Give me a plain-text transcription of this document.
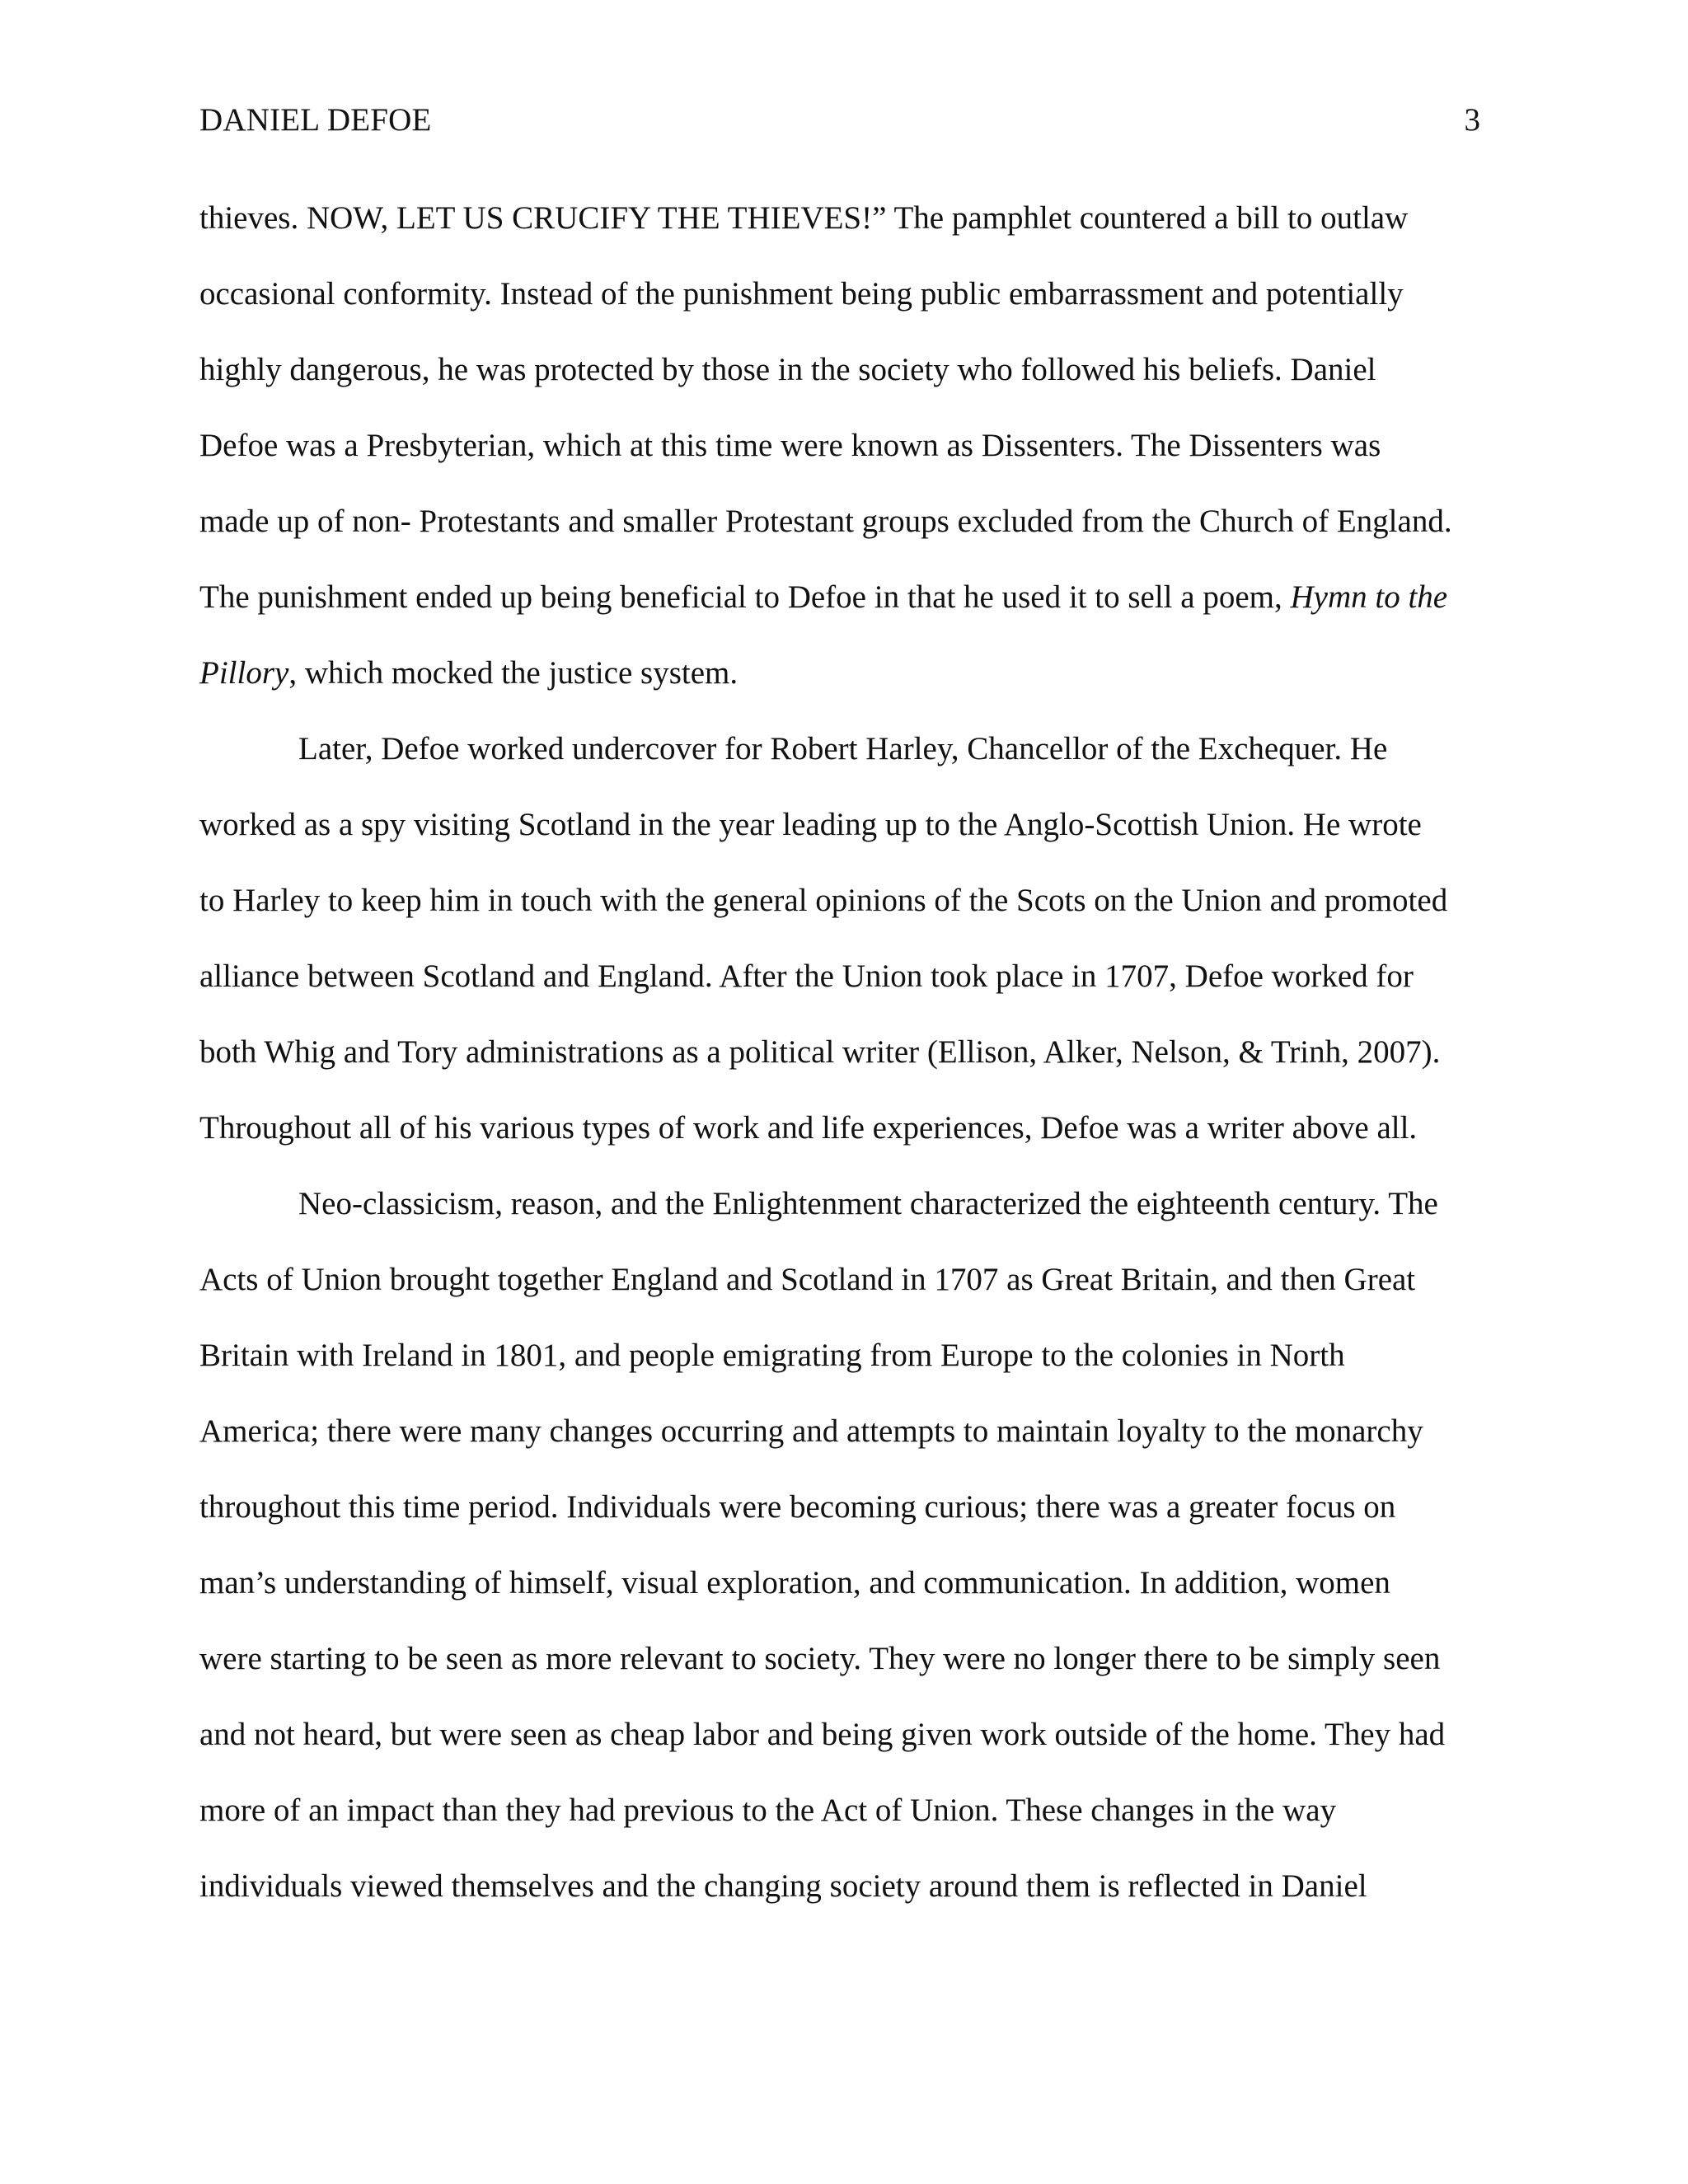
DANIEL DEFOE	3
thieves. NOW, LET US CRUCIFY THE THIEVES!” The pamphlet countered a bill to outlaw
occasional conformity. Instead of the punishment being public embarrassment and potentially
highly dangerous, he was protected by those in the society who followed his beliefs. Daniel
Defoe was a Presbyterian, which at this time were known as Dissenters. The Dissenters was
made up of non- Protestants and smaller Protestant groups excluded from the Church of England.
The punishment ended up being beneficial to Defoe in that he used it to sell a poem, Hymn to the
Pillory, which mocked the justice system.
Later, Defoe worked undercover for Robert Harley, Chancellor of the Exchequer. He
worked as a spy visiting Scotland in the year leading up to the Anglo-Scottish Union. He wrote
to Harley to keep him in touch with the general opinions of the Scots on the Union and promoted
alliance between Scotland and England. After the Union took place in 1707, Defoe worked for
both Whig and Tory administrations as a political writer (Ellison, Alker, Nelson, & Trinh, 2007).
Throughout all of his various types of work and life experiences, Defoe was a writer above all.
Neo-classicism, reason, and the Enlightenment characterized the eighteenth century. The
Acts of Union brought together England and Scotland in 1707 as Great Britain, and then Great
Britain with Ireland in 1801, and people emigrating from Europe to the colonies in North
America; there were many changes occurring and attempts to maintain loyalty to the monarchy
throughout this time period. Individuals were becoming curious; there was a greater focus on
man’s understanding of himself, visual exploration, and communication. In addition, women
were starting to be seen as more relevant to society. They were no longer there to be simply seen
and not heard, but were seen as cheap labor and being given work outside of the home. They had
more of an impact than they had previous to the Act of Union. These changes in the way
individuals viewed themselves and the changing society around them is reflected in Daniel
